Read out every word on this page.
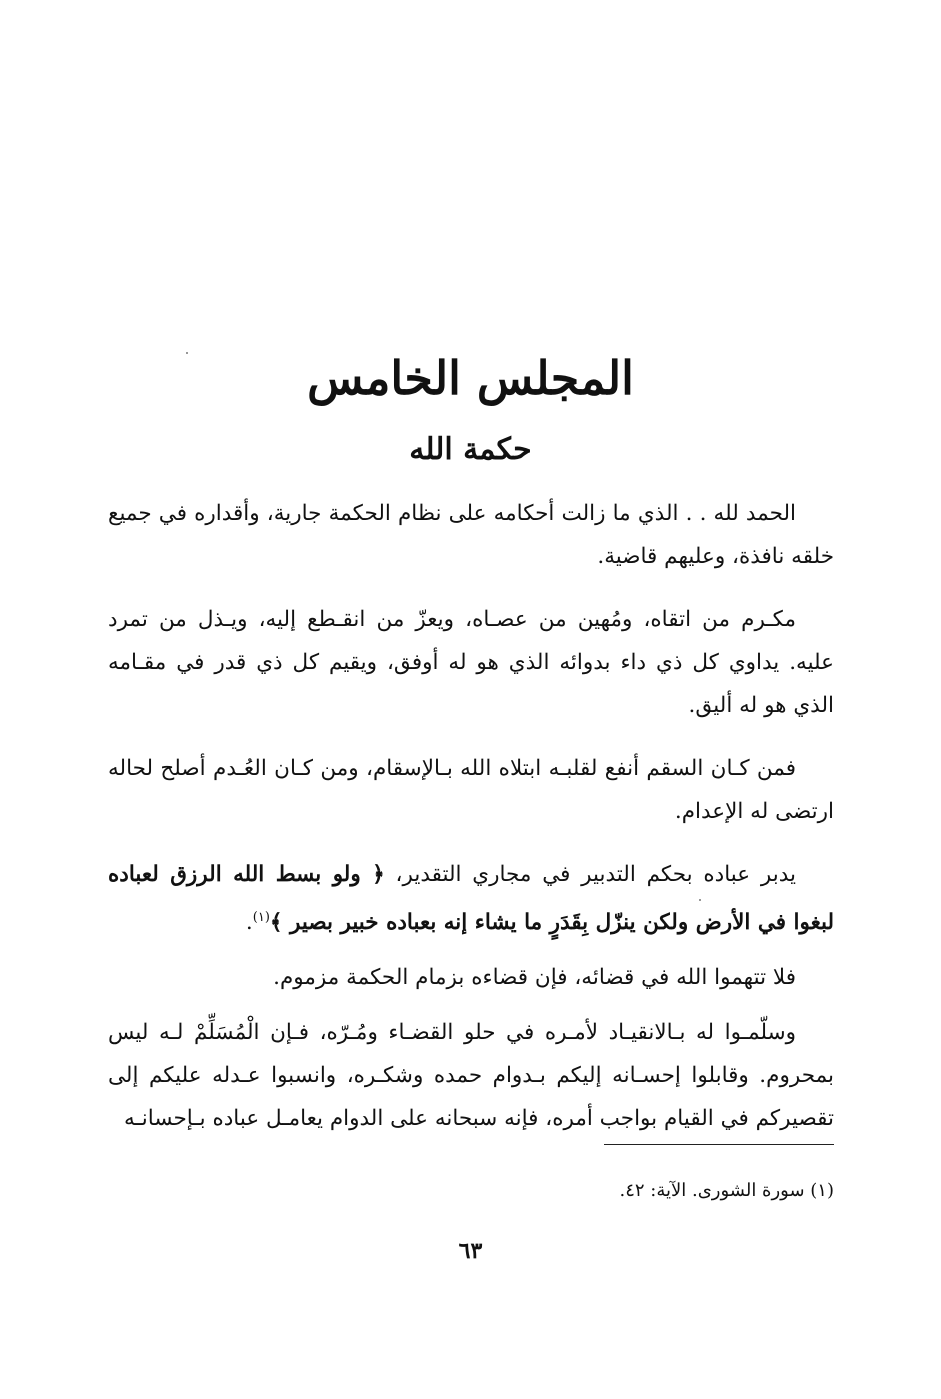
المجلس الخامس
حكمة الله

الحمد لله . . الذي ما زالت أحكامه على نظام الحكمة جارية، وأقداره في جميع خلقه نافذة، وعليهم قاضية.

مكـرم من اتقاه، ومُهين من عصـاه، ويعزّ من انقـطع إليه، ويـذل من تمرد عليه. يداوي كل ذي داء بدوائه الذي هو له أوفق، ويقيم كل ذي قدر في مقـامه الذي هو له أليق.

فمن كـان السقم أنفع لقلبـه ابتلاه الله بـالإسقام، ومن كـان العُـدم أصلح لحاله ارتضى له الإعدام.

يدبر عباده بحكم التدبير في مجاري التقدير، ﴿ ولو بسط الله الرزق لعباده لبغوا في الأرض ولكن ينزّل بِقَدَرٍ ما يشاء إنه بعباده خبير بصير ﴾$^{(١)}$.

فلا تتهموا الله في قضائه، فإن قضاءه بزمام الحكمة مزموم.

وسلّمـوا له بـالانقيـاد لأمـره في حلو القضـاء ومُـرّه، فـإن الْمُسَلِّمْ لـه ليس بمحروم. وقابلوا إحسـانه إليكم بـدوام حمده وشكـره، وانسبوا عـدله عليكم إلى تقصيركم في القيام بواجب أمره، فإنه سبحانه على الدوام يعامـل عباده بـإحسانـه

(١) سورة الشورى. الآية: ٤٢.
٦٣
